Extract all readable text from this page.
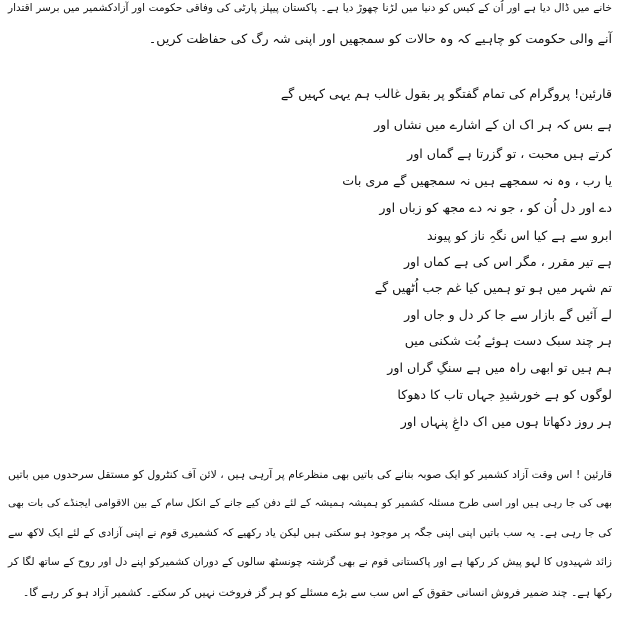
خانے میں ڈال دیا ہے اور اُن کے کیس کو دنیا میں لڑنا چھوڑ دیا ہے۔ پاکستان پیپلز پارٹی کی وفاقی حکومت اور آزادکشمیر میں برسر اقتدار
آنے والی حکومت کو چاہیے کہ وہ حالات کو سمجھیں اور اپنی شہ رگ کی حفاظت کریں۔
قارئین! پروگرام کی تمام گفتگو پر بقول غالب ہم یہی کہیں گے
ہے بس کہ ہر اک ان کے اشارے میں نشاں اور
کرتے ہیں محبت ، تو گزرتا ہے گماں اور
یا رب ، وہ نہ سمجھے ہیں نہ سمجھیں گے مری بات
دے اور دل اُن کو ، جو نہ دے مجھ کو زباں اور
ابرو سے ہے کیا اس نگہِ ناز کو پیوند
ہے تیر مقرر ، مگر اس کی ہے کماں اور
تم شہر میں ہو تو ہمیں کیا غم جب اُٹھیں گے
لے آئیں گے بازار سے جا کر دل و جاں اور
ہر چند سبک دست ہوئے بُت شکنی میں
ہم ہیں تو ابھی راہ میں ہے سنگِ گراں اور
لوگوں کو ہے خورشیدِ جہاں تاب کا دھوکا
ہر روز دکھاتا ہوں میں اک داغِ پنہاں اور
قارئین ! اس وقت آزاد کشمیر کو ایک صوبہ بنانے کی باتیں بھی منظرعام پر آرہی ہیں ، لائن آف کنٹرول کو مستقل سرحدوں میں باتیں
بھی کی جا رہی ہیں اور اسی طرح مسئلہ کشمیر کو ہمیشہ ہمیشہ کے لئے دفن کیے جانے کے انکل سام کے بین الاقوامی ایجنڈے کی بات بھی
کی جا رہی ہے۔ یہ سب باتیں اپنی اپنی جگہ پر موجود ہو سکتی ہیں لیکن یاد رکھیے کہ کشمیری قوم نے اپنی آزادی کے لئے ایک لاکھ سے
زائد شہیدوں کا لہو پیش کر رکھا ہے اور پاکستانی قوم نے بھی گزشتہ چونسٹھ سالوں کے دوران کشمیرکو اپنے دل اور روح کے ساتھ لگا کر
رکھا ہے۔ چند ضمیر فروش انسانی حقوق کے اس سب سے بڑے مسئلے کو ہر گز فروخت نہیں کر سکتے۔ کشمیر آزاد ہو کر رہے گا۔
